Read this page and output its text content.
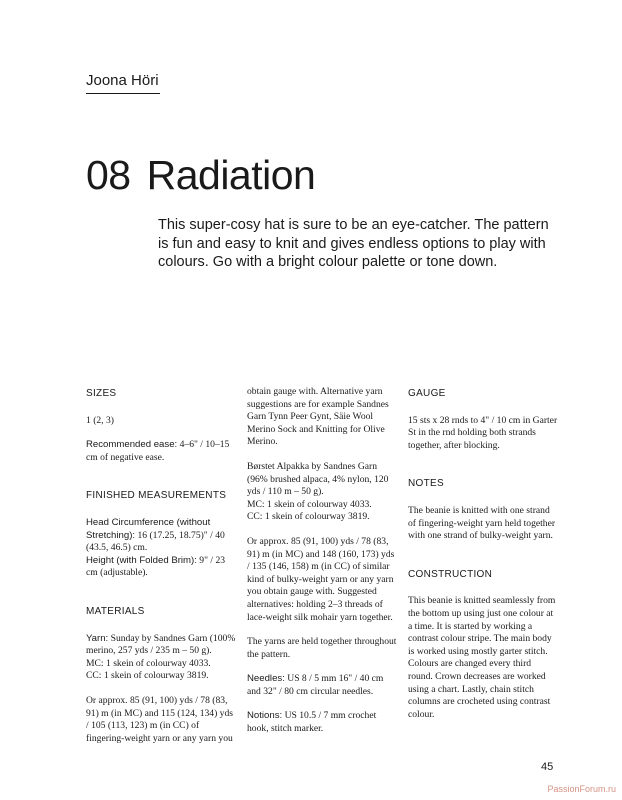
Joona Höri
08 Radiation
This super-cosy hat is sure to be an eye-catcher. The pattern is fun and easy to knit and gives endless options to play with colours. Go with a bright colour palette or tone down.
SIZES

1 (2, 3)

Recommended ease: 4–6" / 10–15 cm of negative ease.

FINISHED MEASUREMENTS

Head Circumference (without Stretching): 16 (17.25, 18.75)" / 40 (43.5, 46.5) cm.

Height (with Folded Brim): 9" / 23 cm (adjustable).

MATERIALS

Yarn: Sunday by Sandnes Garn (100% merino, 257 yds / 235 m – 50 g).

MC: 1 skein of colourway 4033.
CC: 1 skein of colourway 3819.

Or approx. 85 (91, 100) yds / 78 (83, 91) m (in MC) and 115 (124, 134) yds / 105 (113, 123) m (in CC) of fingering-weight yarn or any yarn you

obtain gauge with. Alternative yarn suggestions are for example Sandnes Garn Tynn Peer Gynt, Säie Wool Merino Sock and Knitting for Olive Merino.

Børstet Alpakka by Sandnes Garn (96% brushed alpaca, 4% nylon, 120 yds / 110 m – 50 g).

MC: 1 skein of colourway 4033.
CC: 1 skein of colourway 3819.

Or approx. 85 (91, 100) yds / 78 (83, 91) m (in MC) and 148 (160, 173) yds / 135 (146, 158) m (in CC) of similar kind of bulky-weight yarn or any yarn you obtain gauge with. Suggested alternatives: holding 2–3 threads of lace-weight silk mohair yarn together.

The yarns are held together throughout the pattern.

Needles: US 8 / 5 mm 16" / 40 cm and 32" / 80 cm circular needles.

Notions: US 10.5 / 7 mm crochet hook, stitch marker.

GAUGE

15 sts x 28 rnds to 4" / 10 cm in Garter St in the rnd holding both strands together, after blocking.

NOTES

The beanie is knitted with one strand of fingering-weight yarn held together with one strand of bulky-weight yarn.

CONSTRUCTION

This beanie is knitted seamlessly from the bottom up using just one colour at a time. It is started by working a contrast colour stripe. The main body is worked using mostly garter stitch. Colours are changed every third round. Crown decreases are worked using a chart. Lastly, chain stitch columns are crocheted using contrast colour.

45
PassionForum.ru
